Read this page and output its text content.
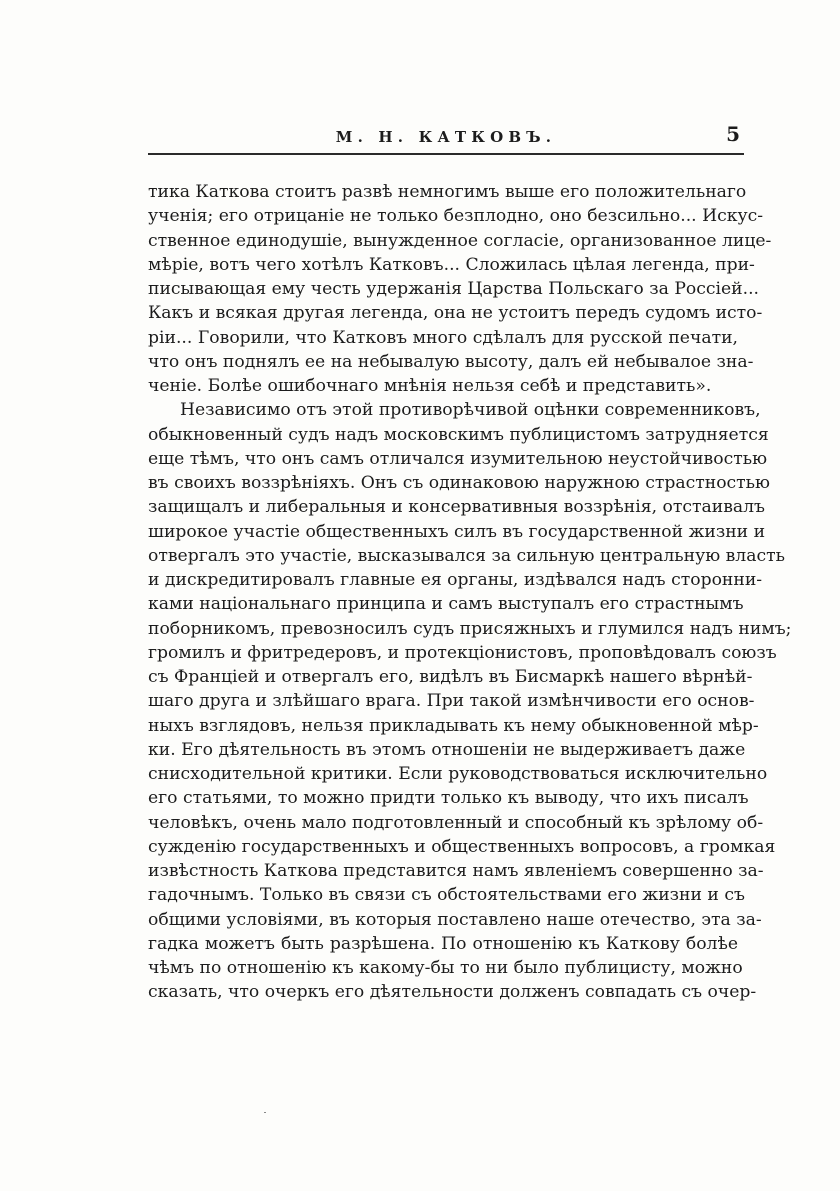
М. Н. КАТКОВЪ.	5
тика Каткова стоитъ развѣ немногимъ выше его положительнаго
ученія; его отрицаніе не только безплодно, оно безсильно... Искус-
ственное единодушіе, вынужденное согласіе, организованное лице-
мѣріе, вотъ чего хотѣлъ Катковъ... Сложилась цѣлая легенда, при-
писывающая ему честь удержанія Царства Польскаго за Россіей...
Какъ и всякая другая легенда, она не устоитъ передъ судомъ исто-
ріи... Говорили, что Катковъ много сдѣлалъ для русской печати,
что онъ поднялъ ее на небывалую высоту, далъ ей небывалое зна-
ченіе. Болѣе ошибочнаго мнѣнія нельзя себѣ и представить».
Независимо отъ этой противорѣчивой оцѣнки современниковъ,
обыкновенный судъ надъ московскимъ публицистомъ затрудняется
еще тѣмъ, что онъ самъ отличался изумительною неустойчивостью
въ своихъ воззрѣніяхъ. Онъ съ одинаковою наружною страстностью
защищалъ и либеральныя и консервативныя воззрѣнія, отстаивалъ
широкое участіе общественныхъ силъ въ государственной жизни и
отвергалъ это участіе, высказывался за сильную центральную власть
и дискредитировалъ главные ея органы, издѣвался надъ сторонни-
ками національнаго принципа и самъ выступалъ его страстнымъ
поборникомъ, превозносилъ судъ присяжныхъ и глумился надъ нимъ;
громилъ и фритредеровъ, и протекціонистовъ, проповѣдовалъ союзъ
съ Франціей и отвергалъ его, видѣлъ въ Бисмаркѣ нашего вѣрнѣй-
шаго друга и злѣйшаго врага. При такой измѣнчивости его основ-
ныхъ взглядовъ, нельзя прикладывать къ нему обыкновенной мѣр-
ки. Его дѣятельность въ этомъ отношеніи не выдерживаетъ даже
снисходительной критики. Если руководствоваться исключительно
его статьями, то можно придти только къ выводу, что ихъ писалъ
человѣкъ, очень мало подготовленный и способный къ зрѣлому об-
сужденію государственныхъ и общественныхъ вопросовъ, а громкая
извѣстность Каткова представится намъ явленіемъ совершенно за-
гадочнымъ. Только въ связи съ обстоятельствами его жизни и съ
общими условіями, въ которыя поставлено наше отечество, эта за-
гадка можетъ быть разрѣшена. По отношенію къ Каткову болѣе
чѣмъ по отношенію къ какому-бы то ни было публицисту, можно
сказать, что очеркъ его дѣятельности долженъ совпадать съ очер-
